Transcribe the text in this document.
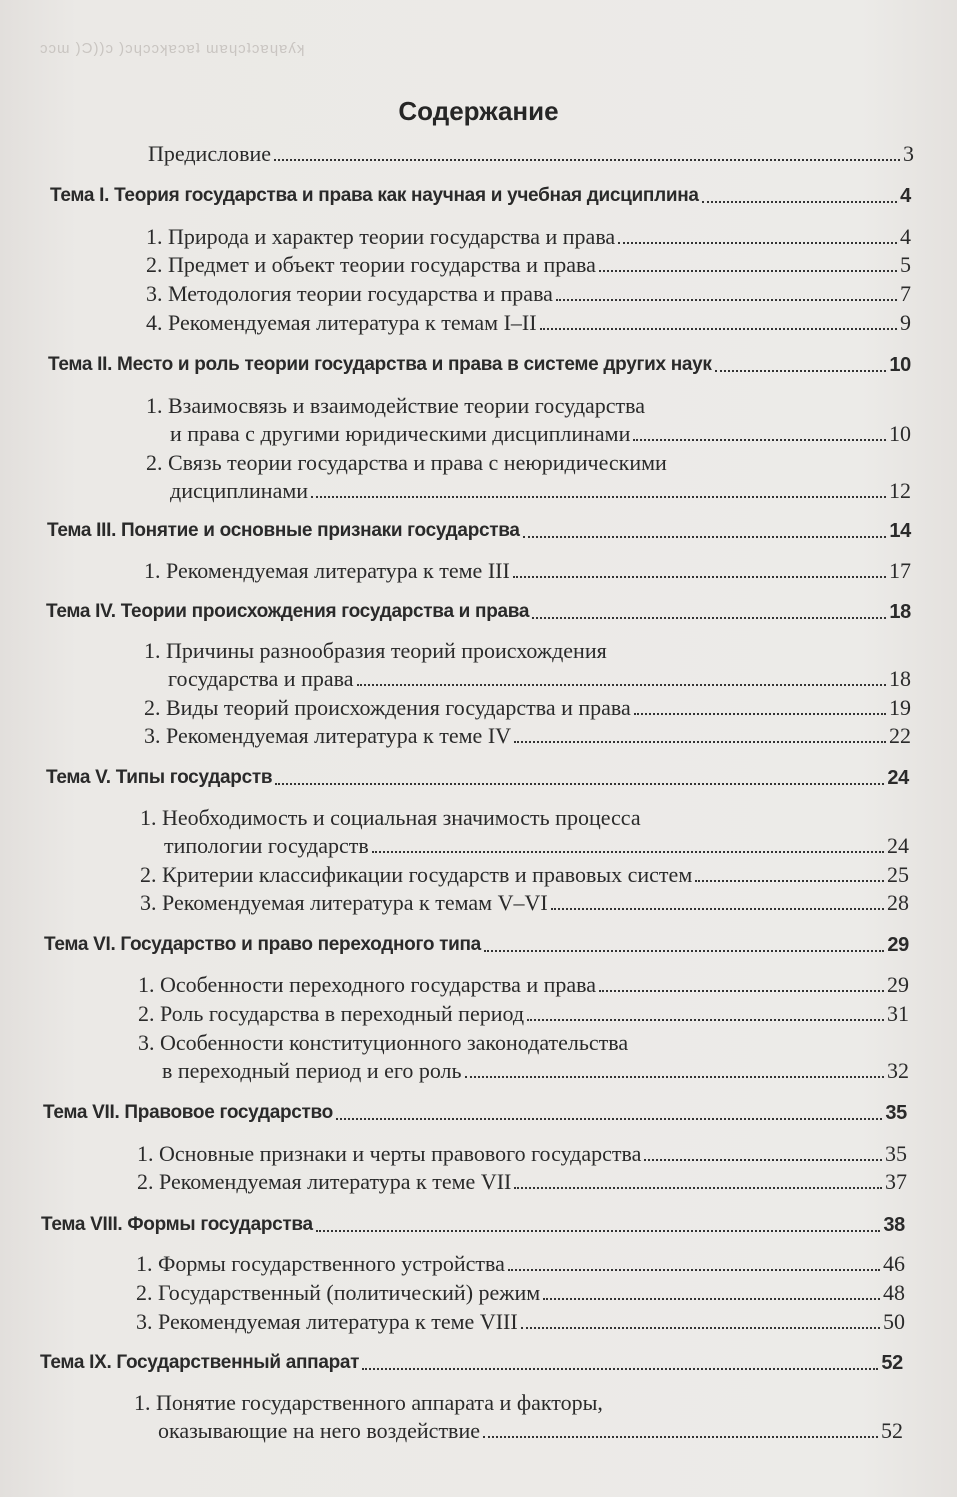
ɔɔɯ )Ɔ))ɔ )ɔɥɔɔʞɐɔɐʇ ɯɐɥɔʇɔɐɥɐʎʞ
Содержание
Предисловие	3
Тема I. Теория государства и права как научная и учебная дисциплина	4
1. Природа и характер теории государства и права	4
2. Предмет и объект теории государства и права	5
3. Методология теории государства и права	7
4. Рекомендуемая литература к темам I–II	9
Тема II. Место и роль теории государства и права в системе других наук	10
1. Взаимосвязь и взаимодействие теории государства
и права с другими юридическими дисциплинами	10
2. Связь теории государства и права с неюридическими
дисциплинами	12
Тема III. Понятие и основные признаки государства	14
1. Рекомендуемая литература к теме III	17
Тема IV. Теории происхождения государства и права	18
1. Причины разнообразия теорий происхождения
государства и права	18
2. Виды теорий происхождения государства и права	19
3. Рекомендуемая литература к теме IV	22
Тема V. Типы государств	24
1. Необходимость и социальная значимость процесса
типологии государств	24
2. Критерии классификации государств и правовых систем	25
3. Рекомендуемая литература к темам V–VI	28
Тема VI. Государство и право переходного типа	29
1. Особенности переходного государства и права	29
2. Роль государства в переходный период	31
3. Особенности конституционного законодательства
в переходный период и его роль	32
Тема VII. Правовое государство	35
1. Основные признаки и черты правового государства	35
2. Рекомендуемая литература к теме VII	37
Тема VIII. Формы государства	38
1. Формы государственного устройства	46
2. Государственный (политический) режим	48
3. Рекомендуемая литература к теме VIII	50
Тема IX. Государственный аппарат	52
1. Понятие государственного аппарата и факторы,
оказывающие на него воздействие	52
